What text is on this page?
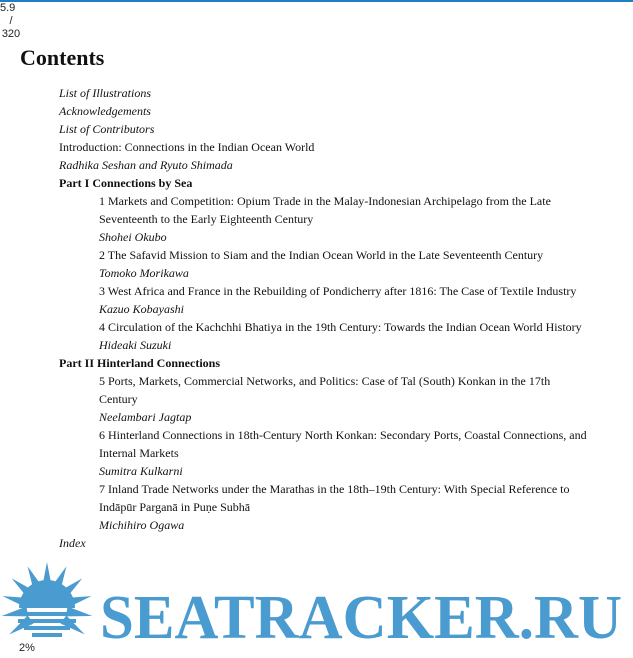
5.9
/
320
Contents
List of Illustrations
Acknowledgements
List of Contributors
Introduction: Connections in the Indian Ocean World
Radhika Seshan and Ryuto Shimada
Part I Connections by Sea
1 Markets and Competition: Opium Trade in the Malay-Indonesian Archipelago from the Late Seventeenth to the Early Eighteenth Century
Shohei Okubo
2 The Safavid Mission to Siam and the Indian Ocean World in the Late Seventeenth Century
Tomoko Morikawa
3 West Africa and France in the Rebuilding of Pondicherry after 1816: The Case of Textile Industry
Kazuo Kobayashi
4 Circulation of the Kachchhi Bhatiya in the 19th Century: Towards the Indian Ocean World History
Hideaki Suzuki
Part II Hinterland Connections
5 Ports, Markets, Commercial Networks, and Politics: Case of Tal (South) Konkan in the 17th Century
Neelambari Jagtap
6 Hinterland Connections in 18th-Century North Konkan: Secondary Ports, Coastal Connections, and Internal Markets
Sumitra Kulkarni
7 Inland Trade Networks under the Marathas in the 18th–19th Century: With Special Reference to Indāpūr Parganā in Puṇe Subhā
Michihiro Ogawa
Index
SEATRACKER.RU
2%
